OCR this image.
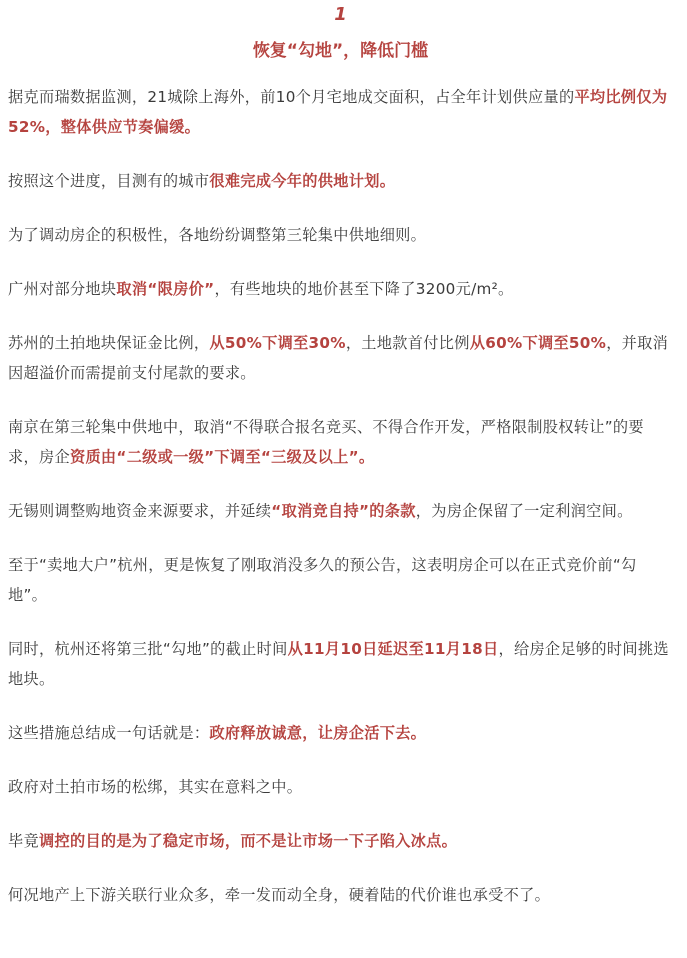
1
恢复“勾地”，降低门槛

据克而瑞数据监测，21城除上海外，前10个月宅地成交面积，占全年计划供应量的平均比例仅为52%，整体供应节奏偏缓。

按照这个进度，目测有的城市很难完成今年的供地计划。

为了调动房企的积极性，各地纷纷调整第三轮集中供地细则。

广州对部分地块取消“限房价”，有些地块的地价甚至下降了3200元/m²。

苏州的土拍地块保证金比例，从50%下调至30%，土地款首付比例从60%下调至50%，并取消因超溢价而需提前支付尾款的要求。

南京在第三轮集中供地中，取消“不得联合报名竞买、不得合作开发，严格限制股权转让”的要求，房企资质由“二级或一级”下调至“三级及以上”。

无锡则调整购地资金来源要求，并延续“取消竞自持”的条款，为房企保留了一定利润空间。

至于“卖地大户”杭州，更是恢复了刚取消没多久的预公告，这表明房企可以在正式竞价前“勾地”。

同时，杭州还将第三批“勾地”的截止时间从11月10日延迟至11月18日，给房企足够的时间挑选地块。

这些措施总结成一句话就是：政府释放诚意，让房企活下去。

政府对土拍市场的松绑，其实在意料之中。

毕竟调控的目的是为了稳定市场，而不是让市场一下子陷入冰点。

何况地产上下游关联行业众多，牵一发而动全身，硬着陆的代价谁也承受不了。
